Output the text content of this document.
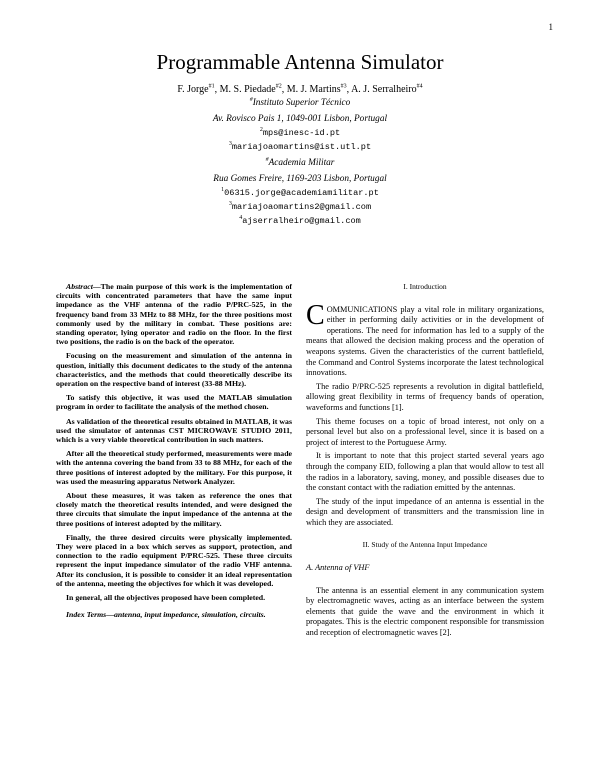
1
Programmable Antenna Simulator
F. Jorge$^{\#1}$, M. S. Piedade$^{\#2}$, M. J. Martins$^{\#3}$, A. J. Serralheiro$^{\#4}$
#Instituto Superior Técnico
Av. Rovisco Pais 1, 1049-001 Lisbon, Portugal
$^2$mps@inesc-id.pt
$^3$mariajoaomartins@ist.utl.pt
#Academia Militar
Rua Gomes Freire, 1169-203 Lisbon, Portugal
$^1$06315.jorge@academiamilitar.pt
$^3$mariajoaomartins2@gmail.com
$^4$ajserralheiro@gmail.com

Abstract—The main purpose of this work is the implementation of circuits with concentrated parameters that have the same input impedance as the VHF antenna of the radio P/PRC-525, in the frequency band from 33 MHz to 88 MHz, for the three positions most commonly used by the military in combat. These positions are: standing operator, lying operator and radio on the floor. In the first two positions, the radio is on the back of the operator.

Focusing on the measurement and simulation of the antenna in question, initially this document dedicates to the study of the antenna characteristics, and the methods that could theoretically describe its operation on the respective band of interest (33-88 MHz).

To satisfy this objective, it was used the MATLAB simulation program in order to facilitate the analysis of the method chosen.

As validation of the theoretical results obtained in MATLAB, it was used the simulator of antennas CST MICROWAVE STUDIO 2011, which is a very viable theoretical contribution in such matters.

After all the theoretical study performed, measurements were made with the antenna covering the band from 33 to 88 MHz, for each of the three positions of interest adopted by the military. For this purpose, it was used the measuring apparatus Network Analyzer.

About these measures, it was taken as reference the ones that closely match the theoretical results intended, and were designed the three circuits that simulate the input impedance of the antenna at the three positions of interest adopted by the military.

Finally, the three desired circuits were physically implemented. They were placed in a box which serves as support, protection, and connection to the radio equipment P/PRC-525. These three circuits represent the input impedance simulator of the radio VHF antenna. After its conclusion, it is possible to consider it an ideal representation of the antenna, meeting the objectives for which it was developed.

In general, all the objectives proposed have been completed.

Index Terms—antenna, input impedance, simulation, circuits.

I. Introduction

COMMUNICATIONS play a vital role in military organizations, either in performing daily activities or in the development of operations. The need for information has led to a supply of the means that allowed the decision making process and the operation of weapons systems. Given the characteristics of the current battlefield, the Command and Control Systems incorporate the latest technological innovations.

The radio P/PRC-525 represents a revolution in digital battlefield, allowing great flexibility in terms of frequency bands of operation, waveforms and functions [1].

This theme focuses on a topic of broad interest, not only on a personal level but also on a professional level, since it is based on a project of interest to the Portuguese Army.

It is important to note that this project started several years ago through the company EID, following a plan that would allow to test all the radios in a laboratory, saving, money, and possible diseases due to the constant contact with the radiation emitted by the antennas.

The study of the input impedance of an antenna is essential in the design and development of transmitters and the transmission line in which they are associated.

II. Study of the Antenna Input Impedance
A. Antenna of VHF

The antenna is an essential element in any communication system by electromagnetic waves, acting as an interface between the system elements that guide the wave and the environment in which it propagates. This is the electric component responsible for transmission and reception of electromagnetic waves [2].
